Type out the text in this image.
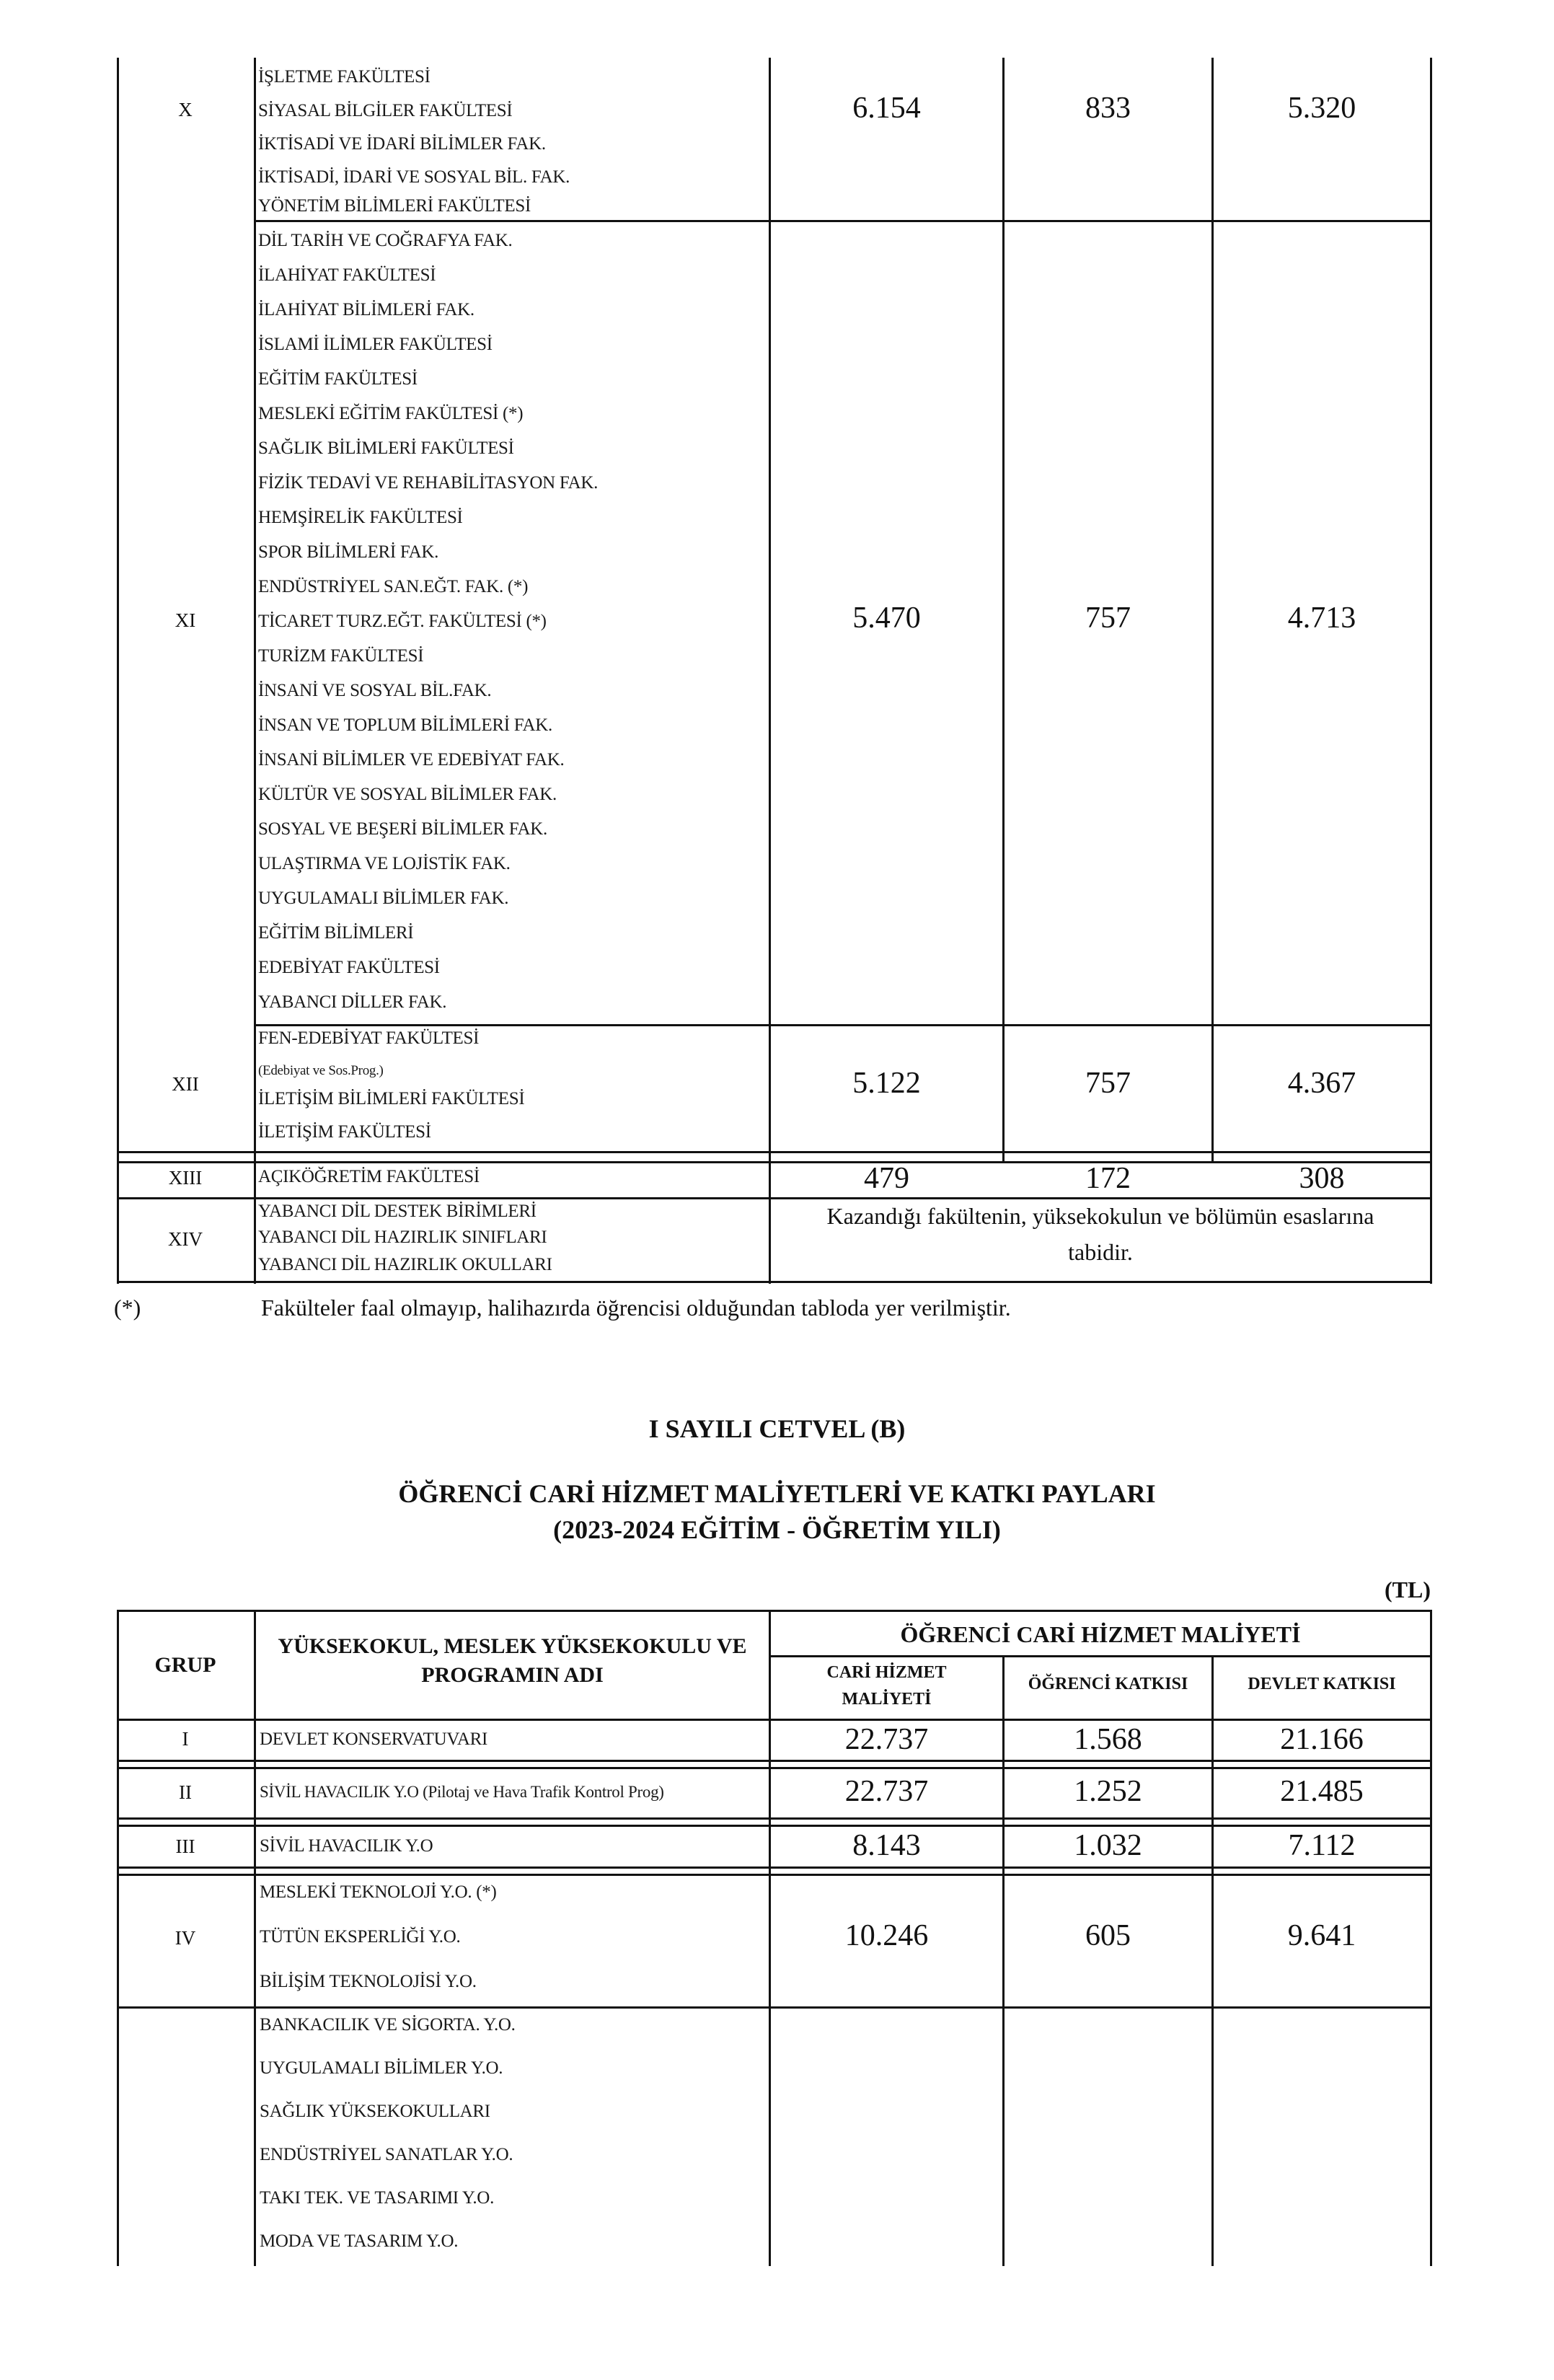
X
İŞLETME FAKÜLTESİ
SİYASAL BİLGİLER FAKÜLTESİ
İKTİSADİ VE İDARİ BİLİMLER FAK.
İKTİSADİ, İDARİ VE SOSYAL BİL. FAK.
YÖNETİM BİLİMLERİ FAKÜLTESİ
6.154	833	5.320
XI
DİL TARİH VE COĞRAFYA FAK.
İLAHİYAT FAKÜLTESİ
İLAHİYAT BİLİMLERİ FAK.
İSLAMİ İLİMLER FAKÜLTESİ
EĞİTİM FAKÜLTESİ
MESLEKİ EĞİTİM FAKÜLTESİ (*)
SAĞLIK BİLİMLERİ FAKÜLTESİ
FİZİK TEDAVİ VE REHABİLİTASYON FAK.
HEMŞİRELİK FAKÜLTESİ
SPOR BİLİMLERİ FAK.
ENDÜSTRİYEL SAN.EĞT. FAK. (*)
TİCARET TURZ.EĞT. FAKÜLTESİ (*)
TURİZM FAKÜLTESİ
İNSANİ VE SOSYAL BİL.FAK.
İNSAN VE TOPLUM BİLİMLERİ FAK.
İNSANİ BİLİMLER VE EDEBİYAT FAK.
KÜLTÜR VE SOSYAL BİLİMLER FAK.
SOSYAL VE BEŞERİ BİLİMLER FAK.
ULAŞTIRMA VE LOJİSTİK FAK.
UYGULAMALI BİLİMLER FAK.
EĞİTİM BİLİMLERİ
EDEBİYAT FAKÜLTESİ
YABANCI DİLLER FAK.
5.470	757	4.713
XII
FEN-EDEBİYAT FAKÜLTESİ
(Edebiyat ve Sos.Prog.)
İLETİŞİM BİLİMLERİ FAKÜLTESİ
İLETİŞİM FAKÜLTESİ
5.122	757	4.367
XIII	AÇIKÖĞRETİM FAKÜLTESİ	479	172	308
XIV
YABANCI DİL DESTEK BİRİMLERİ
YABANCI DİL HAZIRLIK SINIFLARI
YABANCI DİL HAZIRLIK OKULLARI
Kazandığı fakültenin, yüksekokulun ve bölümün esaslarına
tabidir.
(*)	Fakülteler faal olmayıp, halihazırda öğrencisi olduğundan tabloda yer verilmiştir.
I SAYILI CETVEL (B)
ÖĞRENCİ CARİ HİZMET MALİYETLERİ VE KATKI PAYLARI
(2023-2024 EĞİTİM - ÖĞRETİM YILI)
(TL)
GRUP
YÜKSEKOKUL, MESLEK YÜKSEKOKULU VE
PROGRAMIN ADI
ÖĞRENCİ CARİ HİZMET MALİYETİ
CARİ HİZMET
MALİYETİ
ÖĞRENCİ KATKISI	DEVLET KATKISI
I	DEVLET KONSERVATUVARI	22.737	1.568	21.166
II	SİVİL HAVACILIK Y.O (Pilotaj ve Hava Trafik Kontrol Prog)	22.737	1.252	21.485
III	SİVİL HAVACILIK Y.O	8.143	1.032	7.112
IV
MESLEKİ TEKNOLOJİ Y.O. (*)
TÜTÜN EKSPERLİĞİ Y.O.
BİLİŞİM TEKNOLOJİSİ Y.O.
10.246	605	9.641
BANKACILIK VE SİGORTA. Y.O.
UYGULAMALI BİLİMLER Y.O.
SAĞLIK YÜKSEKOKULLARI
ENDÜSTRİYEL SANATLAR Y.O.
TAKI TEK. VE TASARIMI Y.O.
MODA VE TASARIM Y.O.
